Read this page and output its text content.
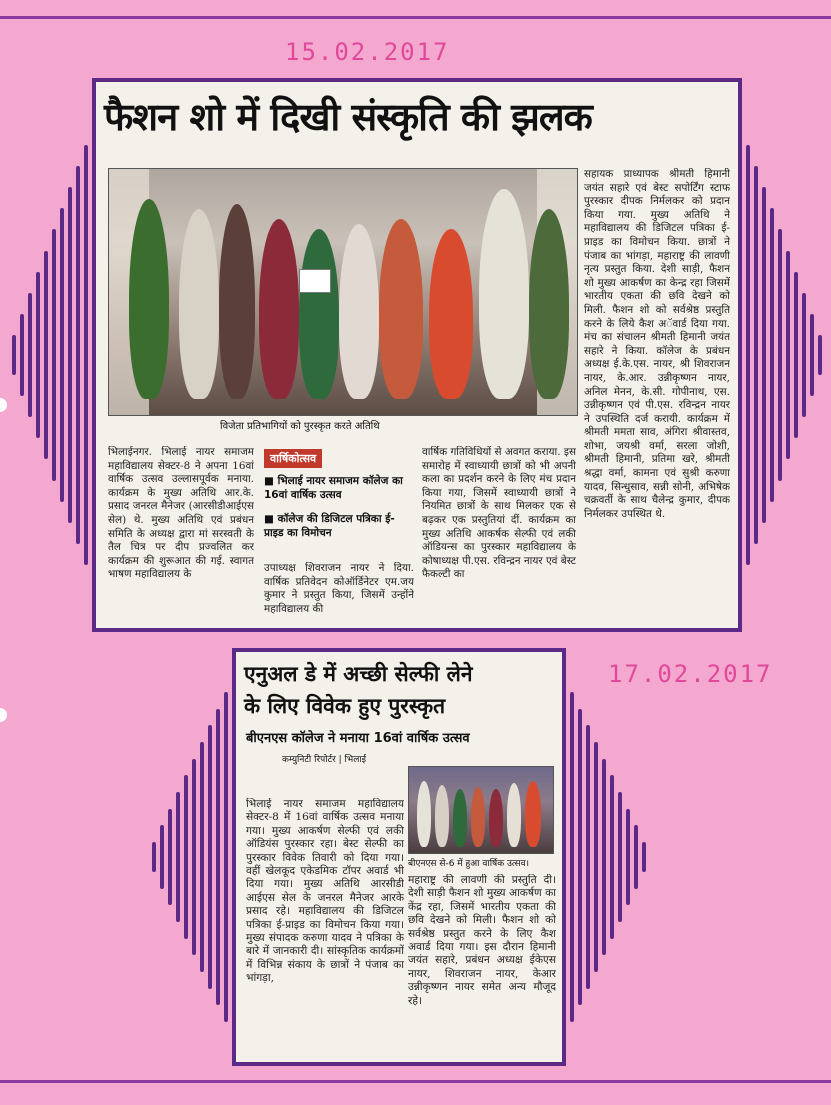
15.02.2017
17.02.2017
फैशन शो में दिखी संस्कृति की झलक
विजेता प्रतिभागियों को पुरस्कृत करते अतिथि
सहायक प्राध्यापक श्रीमती हिमानी जयंत सहारे एवं बेस्ट सपोर्टिंग स्टाफ पुरस्कार दीपक निर्मलकर को प्रदान किया गया. मुख्य अतिथि ने महाविद्यालय की डिजिटल पत्रिका ई-प्राइड का विमोचन किया. छात्रों ने पंजाब का भांगड़ा, महाराष्ट्र की लावणी नृत्य प्रस्तुत किया. देशी साड़ी, फैशन शो मुख्य आकर्षण का केन्द्र रहा जिसमें भारतीय एकता की छवि देखने को मिली. फैशन शो को सर्वश्रेष्ठ प्रस्तुति करने के लिये कैश अॅवार्ड दिया गया. मंच का संचालन श्रीमती हिमानी जयंत सहारे ने किया. कॉलेज के प्रबंधन अध्यक्ष ई.के.एस. नायर, श्री शिवराजन नायर, के.आर. उन्नीकृष्णन नायर, अनिल मेनन, के.सी. गोपीनाथ, एस. उन्नीकृष्णन एवं पी.एस. रविन्द्रन नायर ने उपस्थिति दर्ज करायी. कार्यक्रम में श्रीमती ममता साव, अंगिरा श्रीवास्तव, शोभा, जयश्री वर्मा, सरला जोशी, श्रीमती हिमानी, प्रतिमा खरे, श्रीमती श्रद्धा वर्मा, कामना एवं सुश्री करुणा यादव, सिन्धुसाव, सन्नी सोनी, अभिषेक चक्रवर्ती के साथ चैलेन्द्र कुमार, दीपक निर्मलकर उपस्थित थे.
भिलाईनगर. भिलाई नायर समाजम महाविद्यालय सेक्टर-8 ने अपना 16वां वार्षिक उत्सव उल्लासपूर्वक मनाया. कार्यक्रम के मुख्य अतिथि आर.के. प्रसाद जनरल मैनेजर (आरसीडीआईएस सेल) थे. मुख्य अतिथि एवं प्रबंधन समिति के अध्यक्ष द्वारा मां सरस्वती के तैल चित्र पर दीप प्रज्वलित कर कार्यक्रम की शुरूआत की गई. स्वागत भाषण महाविद्यालय के
वार्षिकोत्सव
■ भिलाई नायर समाजम कॉलेज का 16वां वार्षिक उत्सव
■ कॉलेज की डिजिटल पत्रिका ई-प्राइड का विमोचन
उपाध्यक्ष शिवराजन नायर ने दिया. वार्षिक प्रतिवेदन कोऑर्डिनेटर एम.जय कुमार ने प्रस्तुत किया, जिसमें उन्होंने महाविद्यालय की
वार्षिक गतिविधियों से अवगत कराया. इस समारोह में स्वाध्यायी छात्रों को भी अपनी कला का प्रदर्शन करने के लिए मंच प्रदान किया गया, जिसमें स्वाध्यायी छात्रों ने नियमित छात्रों के साथ मिलकर एक से बढ़कर एक प्रस्तुतियां दीं. कार्यक्रम का मुख्य अतिथि आकर्षक सेल्फी एवं लकी ऑडियन्स का पुरस्कार महाविद्यालय के कोषाध्यक्ष पी.एस. रविन्द्रन नायर एवं बेस्ट फैकल्टी का
एनुअल डे में अच्छी सेल्फी लेने
के लिए विवेक हुए पुरस्कृत
बीएनएस कॉलेज ने मनाया 16वां वार्षिक उत्सव
कम्युनिटी रिपोर्टर | भिलाई
बीएनएस से-6 में हुआ वार्षिक उत्सव।
भिलाई नायर समाजम महाविद्यालय सेक्टर-8 में 16वां वार्षिक उत्सव मनाया गया। मुख्य आकर्षण सेल्फी एवं लकी ऑडियंस पुरस्कार रहा। बेस्ट सेल्फी का पुरस्कार विवेक तिवारी को दिया गया। वहीं खेलकूद एकेडमिक टॉपर अवार्ड भी दिया गया। मुख्य अतिथि आरसीडी आईएस सेल के जनरल मैनेजर आरके प्रसाद रहे। महाविद्यालय की डिजिटल पत्रिका ई-प्राइड का विमोचन किया गया। मुख्य संपादक करुणा यादव ने पत्रिका के बारे में जानकारी दी। सांस्कृतिक कार्यक्रमों में विभिन्न संकाय के छात्रों ने पंजाब का भांगड़ा,
महाराष्ट्र की लावणी की प्रस्तुति दी। देशी साड़ी फैशन शो मुख्य आकर्षण का केंद्र रहा, जिसमें भारतीय एकता की छवि देखने को मिली। फैशन शो को सर्वश्रेष्ठ प्रस्तुत करने के लिए कैश अवार्ड दिया गया। इस दौरान हिमानी जयंत सहारे, प्रबंधन अध्यक्ष ईकेएस नायर, शिवराजन नायर, केआर उन्नीकृष्णन नायर समेत अन्य मौजूद रहे।
